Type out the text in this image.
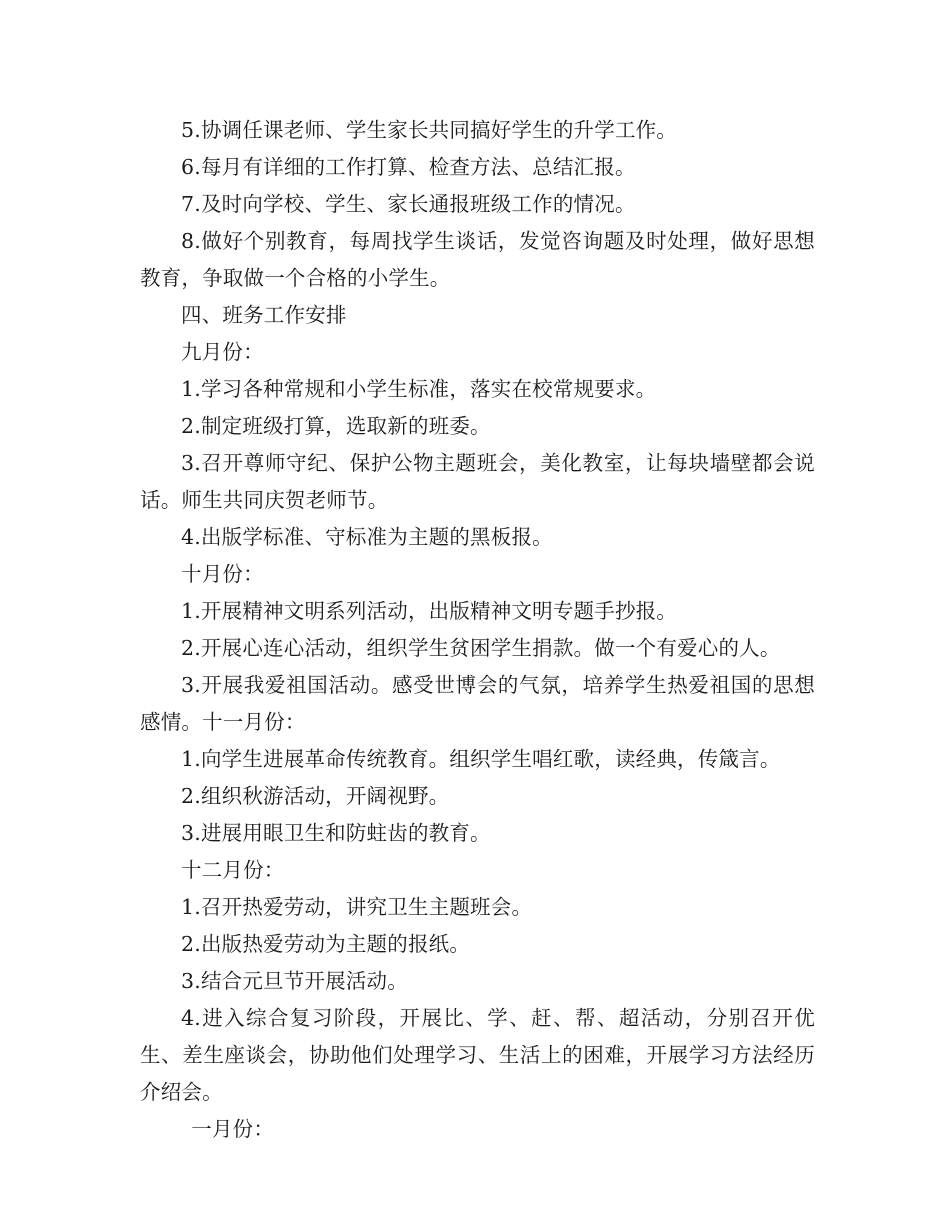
5.协调任课老师、学生家长共同搞好学生的升学工作。

6.每月有详细的工作打算、检查方法、总结汇报。

7.及时向学校、学生、家长通报班级工作的情况。

8.做好个别教育，每周找学生谈话，发觉咨询题及时处理，做好思想教育，争取做一个合格的小学生。

四、班务工作安排

九月份：

1.学习各种常规和小学生标准，落实在校常规要求。

2.制定班级打算，选取新的班委。

3.召开尊师守纪、保护公物主题班会，美化教室，让每块墙壁都会说话。师生共同庆贺老师节。

4.出版学标准、守标准为主题的黑板报。

十月份：

1.开展精神文明系列活动，出版精神文明专题手抄报。

2.开展心连心活动，组织学生贫困学生捐款。做一个有爱心的人。

3.开展我爱祖国活动。感受世博会的气氛，培养学生热爱祖国的思想感情。十一月份：

1.向学生进展革命传统教育。组织学生唱红歌，读经典，传箴言。

2.组织秋游活动，开阔视野。

3.进展用眼卫生和防蛀齿的教育。

十二月份：

1.召开热爱劳动，讲究卫生主题班会。

2.出版热爱劳动为主题的报纸。

3.结合元旦节开展活动。

4.进入综合复习阶段，开展比、学、赶、帮、超活动，分别召开优生、差生座谈会，协助他们处理学习、生活上的困难，开展学习方法经历介绍会。

一月份：
